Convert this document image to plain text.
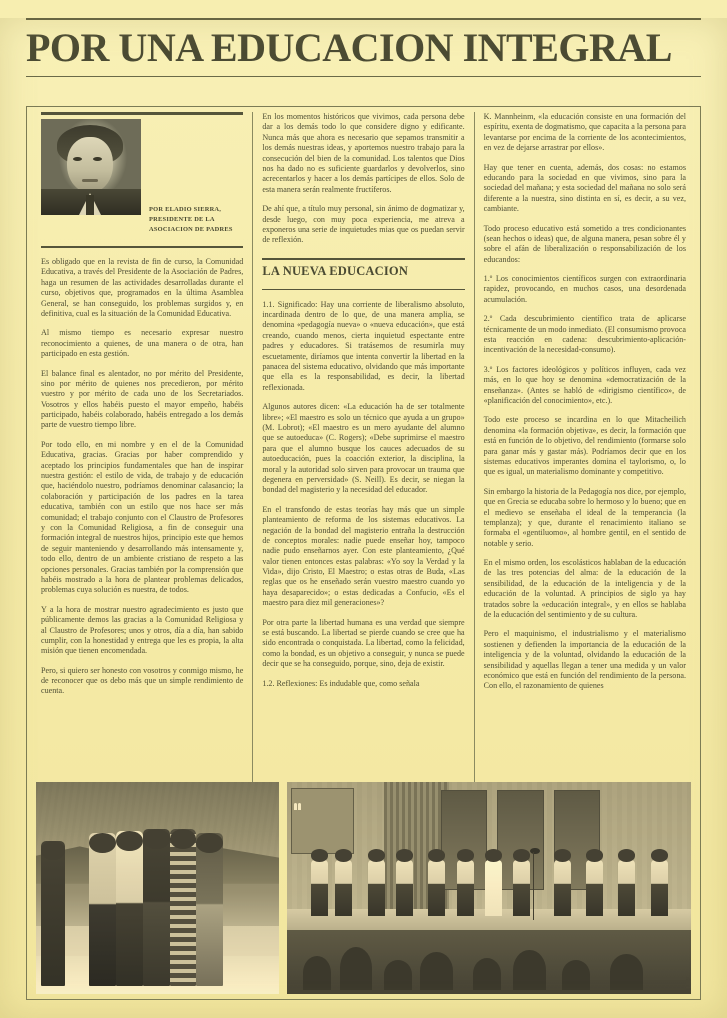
POR UNA EDUCACION INTEGRAL
POR ELADIO SIERRA, PRESIDENTE DE LA ASOCIACION DE PADRES

Es obligado que en la revista de fin de curso, la Comunidad Educativa, a través del Presidente de la Asociación de Padres, haga un resumen de las actividades desarrolladas durante el curso, objetivos que, programados en la última Asamblea General, se han conseguido, los problemas surgidos y, en definitiva, cual es la situación de la Comunidad Educativa.

Al mismo tiempo es necesario expresar nuestro reconocimiento a quienes, de una manera o de otra, han participado en esta gestión.

El balance final es alentador, no por mérito del Presidente, sino por mérito de quienes nos precedieron, por mérito vuestro y por mérito de cada uno de los Secretariados. Vosotros y ellos habéis puesto el mayor empeño, habéis participado, habéis colaborado, habéis entregado a los demás parte de vuestro tiempo libre.

Por todo ello, en mi nombre y en el de la Comunidad Educativa, gracias. Gracias por haber comprendido y aceptado los principios fundamentales que han de inspirar nuestra gestión: el estilo de vida, de trabajo y de educación que, haciéndolo nuestro, podríamos denominar calasancio; la colaboración y participación de los padres en la tarea educativa, también con un estilo que nos hace ser más comunidad; el trabajo conjunto con el Claustro de Profesores y con la Comunidad Religiosa, a fin de conseguir una formación integral de nuestros hijos, principio este que hemos de seguir manteniendo y desarrollando más intensamente y, todo ello, dentro de un ambiente cristiano de respeto a las opciones personales. Gracias también por la comprensión que habéis mostrado a la hora de plantear problemas delicados, problemas cuya solución es nuestra, de todos.

Y a la hora de mostrar nuestro agradecimiento es justo que públicamente demos las gracias a la Comunidad Religiosa y al Claustro de Profesores; unos y otros, día a día, han sabido cumplir, con la honestidad y entrega que les es propia, la alta misión que tienen encomendada.

Pero, si quiero ser honesto con vosotros y conmigo mismo, he de reconocer que os debo más que un simple rendimiento de cuenta.

En los momentos históricos que vivimos, cada persona debe dar a los demás todo lo que considere digno y edificante. Nunca más que ahora es necesario que sepamos transmitir a los demás nuestras ideas, y aportemos nuestro trabajo para la consecución del bien de la comunidad. Los talentos que Dios nos ha dado no es suficiente guardarlos y devolverlos, sino acrecentarlos y hacer a los demás partícipes de ellos. Solo de esta manera serán realmente fructíferos.

De ahí que, a título muy personal, sin ánimo de dogmatizar y, desde luego, con muy poca experiencia, me atreva a exponeros una serie de inquietudes mias que os puedan servir de reflexión.

LA NUEVA EDUCACION

1.1. Significado: Hay una corriente de liberalismo absoluto, incardinada dentro de lo que, de una manera amplia, se denomina «pedagogía nueva» o «nueva educación», que está creando, cuando menos, cierta inquietud espectante entre padres y educadores. Si tratásemos de resumirla muy escuetamente, diríamos que intenta convertir la libertad en la panacea del sistema educativo, olvidando que más importante que ella es la responsabilidad, es decir, la libertad reflexionada.

Algunos autores dicen: «La educación ha de ser totalmente libre»; «El maestro es solo un técnico que ayuda a un grupo» (M. Lobrot); «El maestro es un mero ayudante del alumno que se autoeduca» (C. Rogers); «Debe suprimirse el maestro para que el alumno busque los cauces adecuados de su autoeducación, pues la coacción exterior, la disciplina, la moral y la autoridad solo sirven para provocar un trauma que degenera en perversidad» (S. Neill). Es decir, se niegan la bondad del magisterio y la necesidad del educador.

En el transfondo de estas teorías hay más que un simple planteamiento de reforma de los sistemas educativos. La negación de la bondad del magisterio entraña la destrucción de conceptos morales: nadie puede enseñar hoy, tampoco nadie pudo enseñarnos ayer. Con este planteamiento, ¿Qué valor tienen entonces estas palabras: «Yo soy la Verdad y la Vida», dijo Cristo, El Maestro; o estas otras de Buda, «Las reglas que os he enseñado serán vuestro maestro cuando yo haya desaparecido»; o estas dedicadas a Confucio, «Es el maestro para diez mil generaciones»?

Por otra parte la libertad humana es una verdad que siempre se está buscando. La libertad se pierde cuando se cree que ha sido encontrada o conquistada. La libertad, como la felicidad, como la bondad, es un objetivo a conseguir, y nunca se puede decir que se ha conseguido, porque, sino, deja de existir.

1.2. Reflexiones: Es indudable que, como señala

K. Mannheinm, «la educación consiste en una formación del espíritu, exenta de dogmatismo, que capacita a la persona para levantarse por encima de la corriente de los acontecimientos, en vez de dejarse arrastrar por ellos».

Hay que tener en cuenta, además, dos cosas: no estamos educando para la sociedad en que vivimos, sino para la sociedad del mañana; y esta sociedad del mañana no solo será diferente a la nuestra, sino distinta en sí, es decir, a su vez, cambiante.

Todo proceso educativo está sometido a tres condicionantes (sean hechos o ideas) que, de alguna manera, pesan sobre él y sobre el afán de liberalización o responsabilización de los educandos:

1.º Los conocimientos científicos surgen con extraordinaria rapidez, provocando, en muchos casos, una desordenada acumulación.

2.º Cada descubrimiento científico trata de aplicarse técnicamente de un modo inmediato. (El consumismo provoca esta reacción en cadena: descubrimiento-aplicación-incentivación de la necesidad-consumo).

3.º Los factores ideológicos y políticos influyen, cada vez más, en lo que hoy se denomina «democratización de la enseñanza». (Antes se habló de «dirigismo científico», de «planificación del conocimiento», etc.).

Todo este proceso se incardina en lo que Mitacheilich denomina «la formación objetiva», es decir, la formación que está en función de lo objetivo, del rendimiento (formarse solo para ganar más y gastar más). Podríamos decir que en los sistemas educativos imperantes domina el taylorismo, o, lo que es igual, un materialismo dominante y competitivo.

Sin embargo la historia de la Pedagogía nos dice, por ejemplo, que en Grecia se educaba sobre lo hermoso y lo bueno; que en el medievo se enseñaba el ideal de la temperancia (la templanza); y que, durante el renacimiento italiano se formaba el «gentiluomo», al hombre gentil, en el sentido de notable y serio.

En el mismo orden, los escolásticos hablaban de la educación de las tres potencias del alma: de la educación de la sensibilidad, de la educación de la inteligencia y de la educación de la voluntad. A principios de siglo ya hay tratados sobre la «educación integral», y en ellos se hablaba de la educación del sentimiento y de su cultura.

Pero el maquinismo, el industrialismo y el materialismo sostienen y defienden la importancia de la educación de la inteligencia y de la voluntad, olvidando la educación de la sensibilidad y aquellas llegan a tener una medida y un valor económico que está en función del rendimiento de la persona. Con ello, el razonamiento de quienes
